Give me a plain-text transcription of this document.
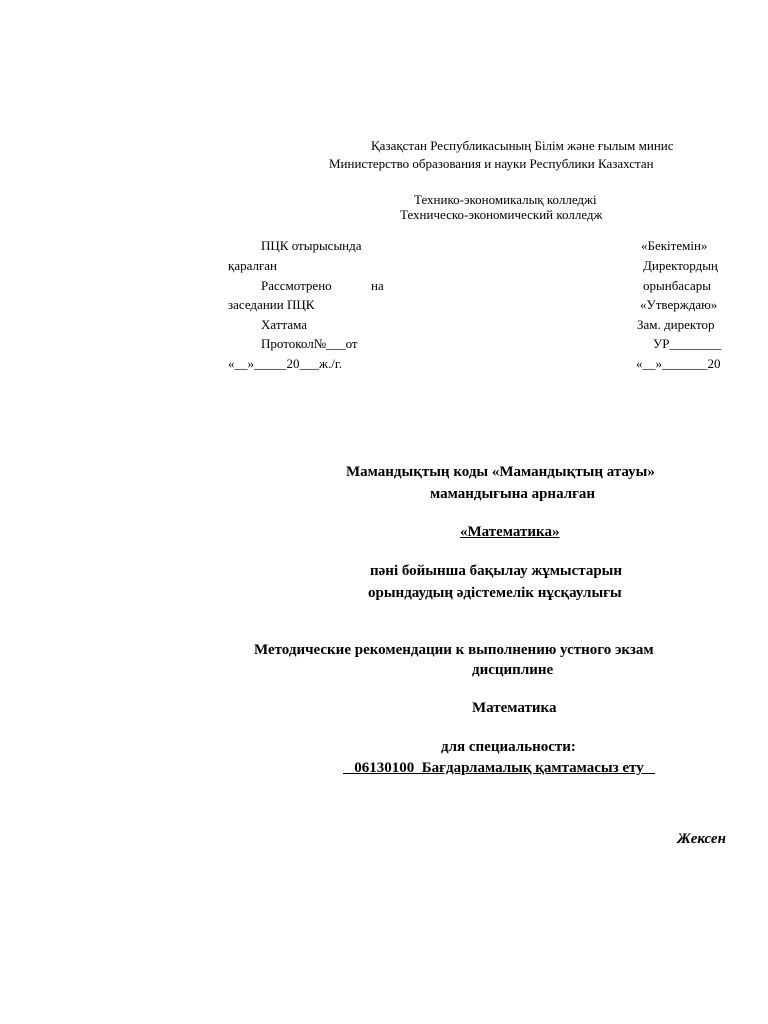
Қазақстан Республикасының Білім және ғылым минис
Министерство образования и науки Республики Казахстан
Технико-экономикалық колледжі
Техническо-экономический колледж
ПЦК отырысында
қаралған
Рассмотрено	на
заседании ПЦК
Хаттама
Протокол№___от
«__»_____20___ж./г.
«Бекітемін»
Директордың
орынбасары
«Утверждаю»
Зам. директор
УР________
«__»_______20
Мамандықтың коды «Мамандықтың атауы»
мамандығына арналған
«Математика»
пәні бойынша бақылау жұмыстарын
орындаудың әдістемелік нұсқаулығы
Методические рекомендации к выполнению устного экзам
дисциплине
Математика
для специальности:
06130100  Бағдарламалық қамтамасыз ету
Жексен
